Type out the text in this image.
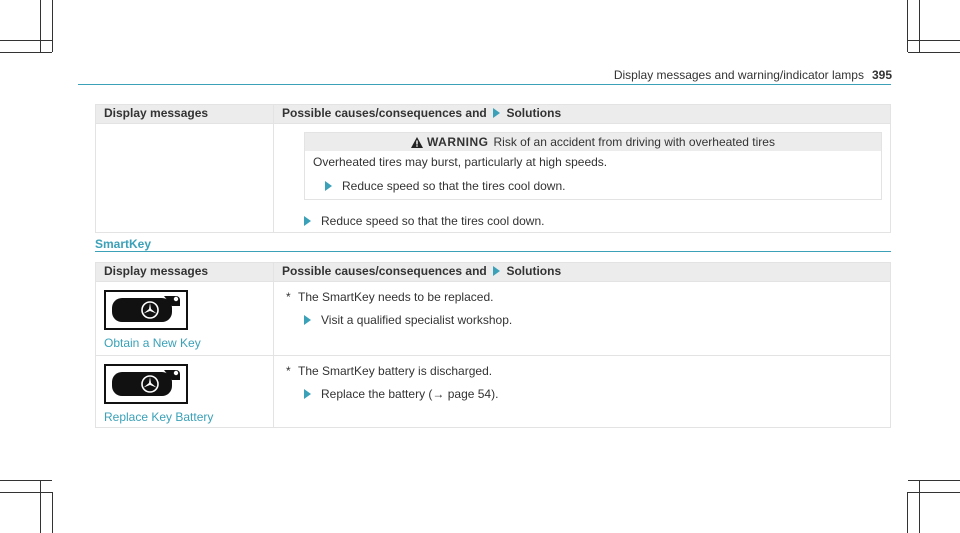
Display messages and warning/indicator lamps 395
Display messages	Possible causes/consequences and Solutions

	WARNING Risk of an accident from driving with overheated tires
Overheated tires may burst, particularly at high speeds.
Reduce speed so that the tires cool down.
Reduce speed so that the tires cool down.
SmartKey
Display messages	Possible causes/consequences and Solutions

Obtain a New Key	* The SmartKey needs to be replaced.
Visit a qualified specialist workshop.

Replace Key Battery	* The SmartKey battery is discharged.
Replace the battery (→ page 54).
